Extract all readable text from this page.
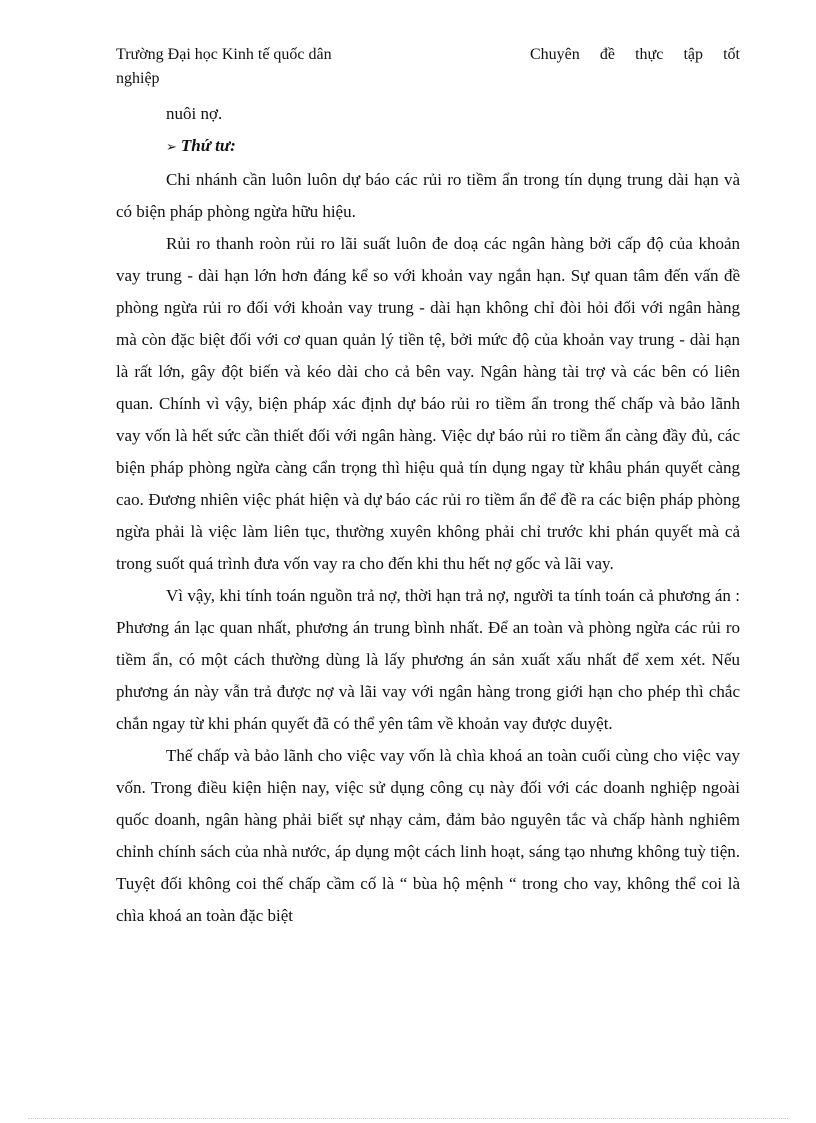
Trường Đại học Kinh tế quốc dân	Chuyên đề thực tập tốt
nghiệp

nuôi nợ.

➢ Thứ tư:

Chi nhánh cần luôn luôn dự báo các rủi ro tiềm ẩn trong tín dụng trung dài hạn và có biện pháp phòng ngừa hữu hiệu.

Rủi ro thanh roòn rủi ro lãi suất luôn đe doạ các ngân hàng bởi cấp độ của khoản vay trung - dài hạn lớn hơn đáng kể so với khoản vay ngắn hạn. Sự quan tâm đến vấn đề phòng ngừa rủi ro đối với khoản vay trung - dài hạn không chỉ đòi hỏi đối với ngân hàng mà còn đặc biệt đối với cơ quan quản lý tiền tệ, bởi mức độ của khoản vay trung - dài hạn là rất lớn, gây đột biến và kéo dài cho cả bên vay. Ngân hàng tài trợ và các bên có liên quan. Chính vì vậy, biện pháp xác định dự báo rủi ro tiềm ẩn trong thế chấp và bảo lãnh vay vốn là hết sức cần thiết đối với ngân hàng. Việc dự báo rủi ro tiềm ẩn càng đầy đủ, các biện pháp phòng ngừa càng cẩn trọng thì hiệu quả tín dụng ngay từ khâu phán quyết càng cao. Đương nhiên việc phát hiện và dự báo các rủi ro tiềm ẩn để đề ra các biện pháp phòng ngừa phải là việc làm liên tục, thường xuyên không phải chỉ trước khi phán quyết mà cả trong suốt quá trình đưa vốn vay ra cho đến khi thu hết nợ gốc và lãi vay.

Vì vậy, khi tính toán nguồn trả nợ, thời hạn trả nợ, người ta tính toán cả phương án : Phương án lạc quan nhất, phương án trung bình nhất. Để an toàn và phòng ngừa các rủi ro tiềm ẩn, có một cách thường dùng là lấy phương án sản xuất xấu nhất để xem xét. Nếu phương án này vẫn trả được nợ và lãi vay với ngân hàng trong giới hạn cho phép thì chắc chắn ngay từ khi phán quyết đã có thể yên tâm về khoản vay được duyệt.

Thế chấp và bảo lãnh cho việc vay vốn là chìa khoá an toàn cuối cùng cho việc vay vốn. Trong điều kiện hiện nay, việc sử dụng công cụ này đối với các doanh nghiệp ngoài quốc doanh, ngân hàng phải biết sự nhạy cảm, đảm bảo nguyên tắc và chấp hành nghiêm chỉnh chính sách của nhà nước, áp dụng một cách linh hoạt, sáng tạo nhưng không tuỳ tiện. Tuyệt đối không coi thế chấp cầm cố là “ bùa hộ mệnh “ trong cho vay, không thể coi là chìa khoá an toàn đặc biệt
